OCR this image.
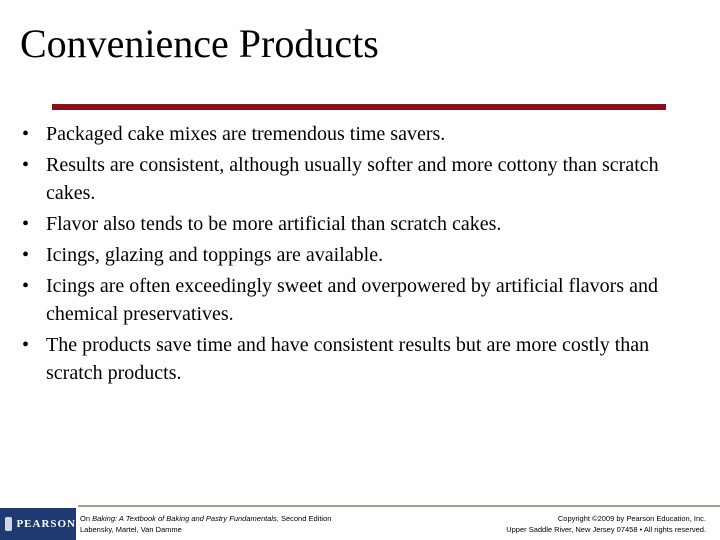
Convenience Products
• Packaged cake mixes are tremendous time savers.
• Results are consistent, although usually softer and more cottony than scratch cakes.
• Flavor also tends to be more artificial than scratch cakes.
• Icings, glazing and toppings are available.
• Icings are often exceedingly sweet and overpowered by artificial flavors and chemical preservatives.
• The products save time and have consistent results but are more costly than scratch products.
PEARSON On Baking: A Textbook of Baking and Pastry Fundamentals, Second Edition
Labensky, Martel, Van Damme
Copyright ©2009 by Pearson Education, Inc.
Upper Saddle River, New Jersey 07458 • All rights reserved.
